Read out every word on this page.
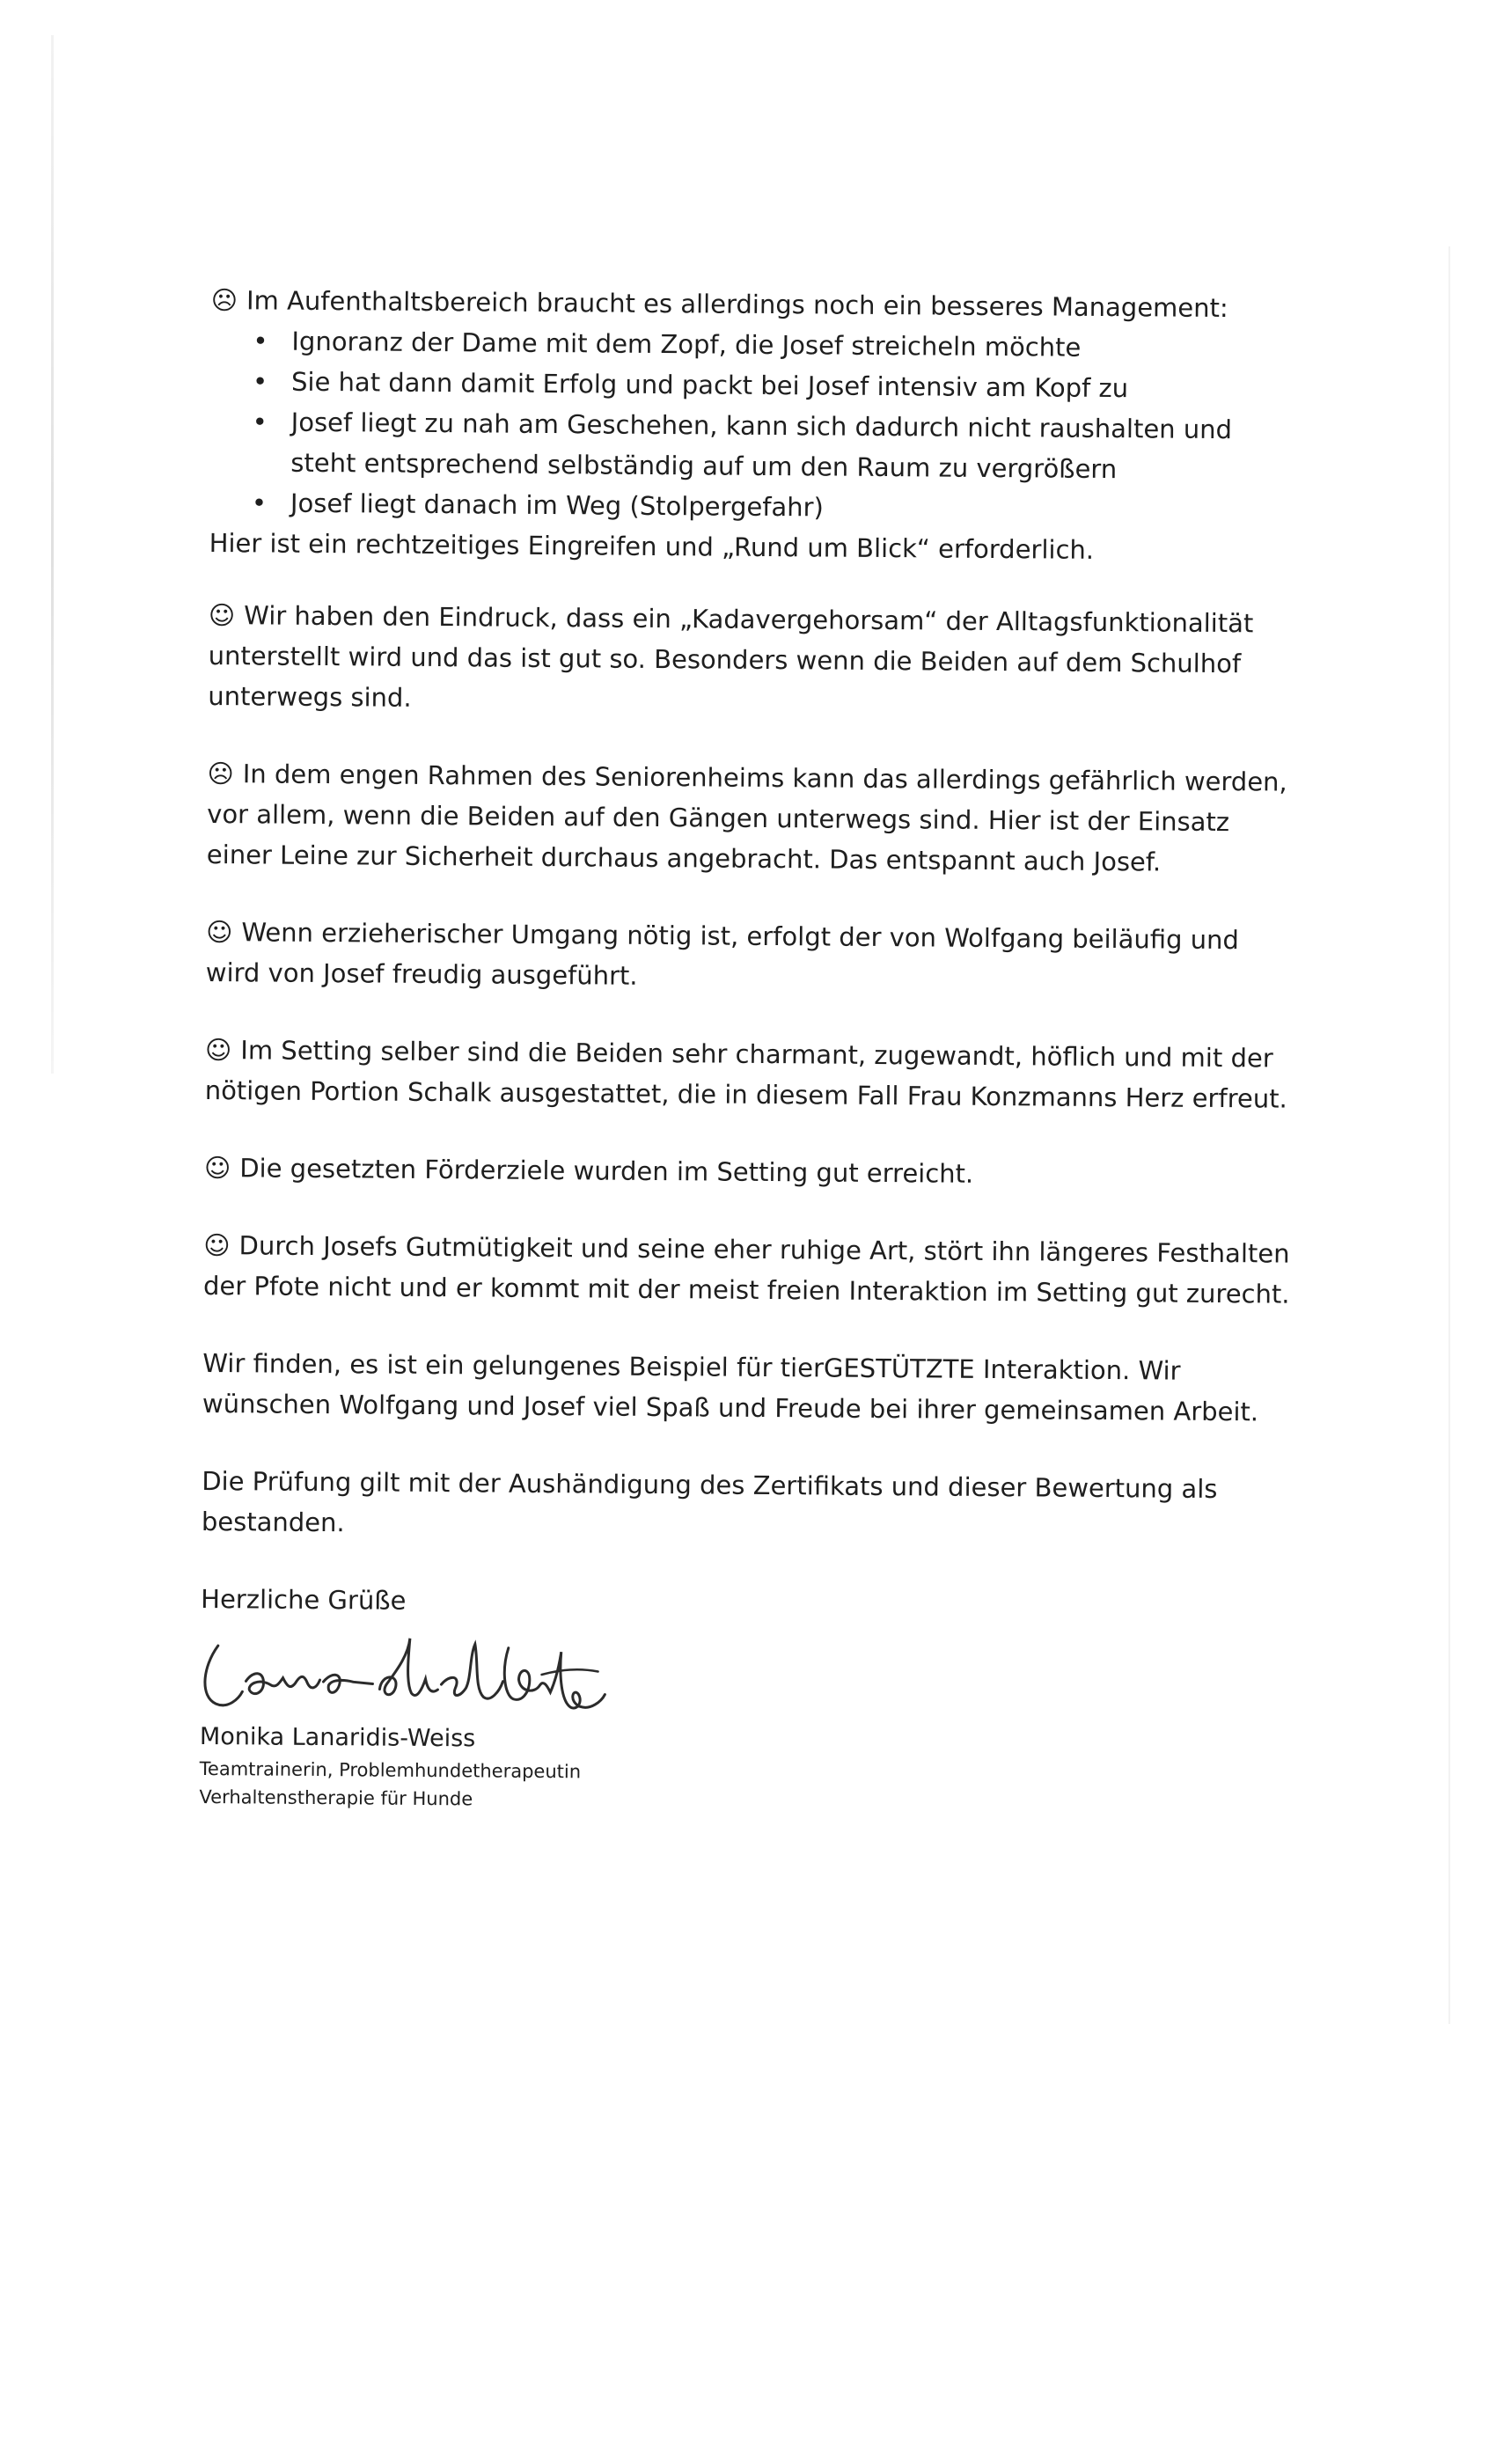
☹ Im Aufenthaltsbereich braucht es allerdings noch ein besseres Management:
• Ignoranz der Dame mit dem Zopf, die Josef streicheln möchte
• Sie hat dann damit Erfolg und packt bei Josef intensiv am Kopf zu
• Josef liegt zu nah am Geschehen, kann sich dadurch nicht raushalten und steht entsprechend selbständig auf um den Raum zu vergrößern
• Josef liegt danach im Weg (Stolpergefahr)
Hier ist ein rechtzeitiges Eingreifen und „Rund um Blick“ erforderlich.
☺ Wir haben den Eindruck, dass ein „Kadavergehorsam“ der Alltagsfunktionalität unterstellt wird und das ist gut so. Besonders wenn die Beiden auf dem Schulhof unterwegs sind.
☹ In dem engen Rahmen des Seniorenheims kann das allerdings gefährlich werden, vor allem, wenn die Beiden auf den Gängen unterwegs sind. Hier ist der Einsatz einer Leine zur Sicherheit durchaus angebracht. Das entspannt auch Josef.
☺ Wenn erzieherischer Umgang nötig ist, erfolgt der von Wolfgang beiläufig und wird von Josef freudig ausgeführt.
☺ Im Setting selber sind die Beiden sehr charmant, zugewandt, höflich und mit der nötigen Portion Schalk ausgestattet, die in diesem Fall Frau Konzmanns Herz erfreut.
☺ Die gesetzten Förderziele wurden im Setting gut erreicht.
☺ Durch Josefs Gutmütigkeit und seine eher ruhige Art, stört ihn längeres Festhalten der Pfote nicht und er kommt mit der meist freien Interaktion im Setting gut zurecht.
Wir finden, es ist ein gelungenes Beispiel für tierGESTÜTZTE Interaktion. Wir wünschen Wolfgang und Josef viel Spaß und Freude bei ihrer gemeinsamen Arbeit.
Die Prüfung gilt mit der Aushändigung des Zertifikats und dieser Bewertung als bestanden.
Herzliche Grüße
Monika Lanaridis-Weiss
Teamtrainerin, Problemhundetherapeutin
Verhaltenstherapie für Hunde
